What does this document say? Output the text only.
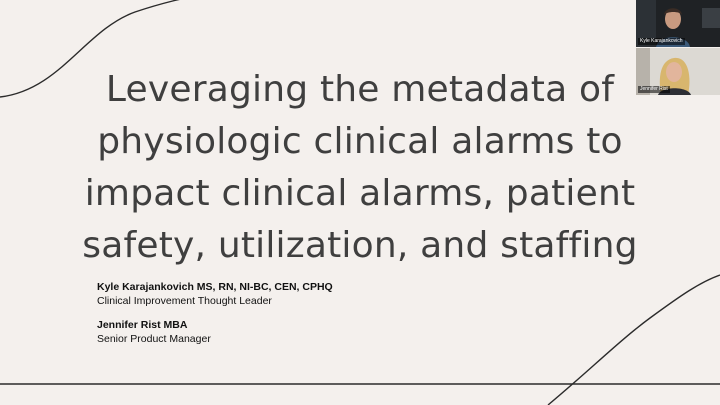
Leveraging the metadata of
physiologic clinical alarms to
impact clinical alarms, patient
safety, utilization, and staffing
Kyle Karajankovich MS, RN, NI-BC, CEN, CPHQ
Clinical Improvement Thought Leader
Jennifer Rist MBA
Senior Product Manager
Kyle Karajankovich
Jennifer Rist
